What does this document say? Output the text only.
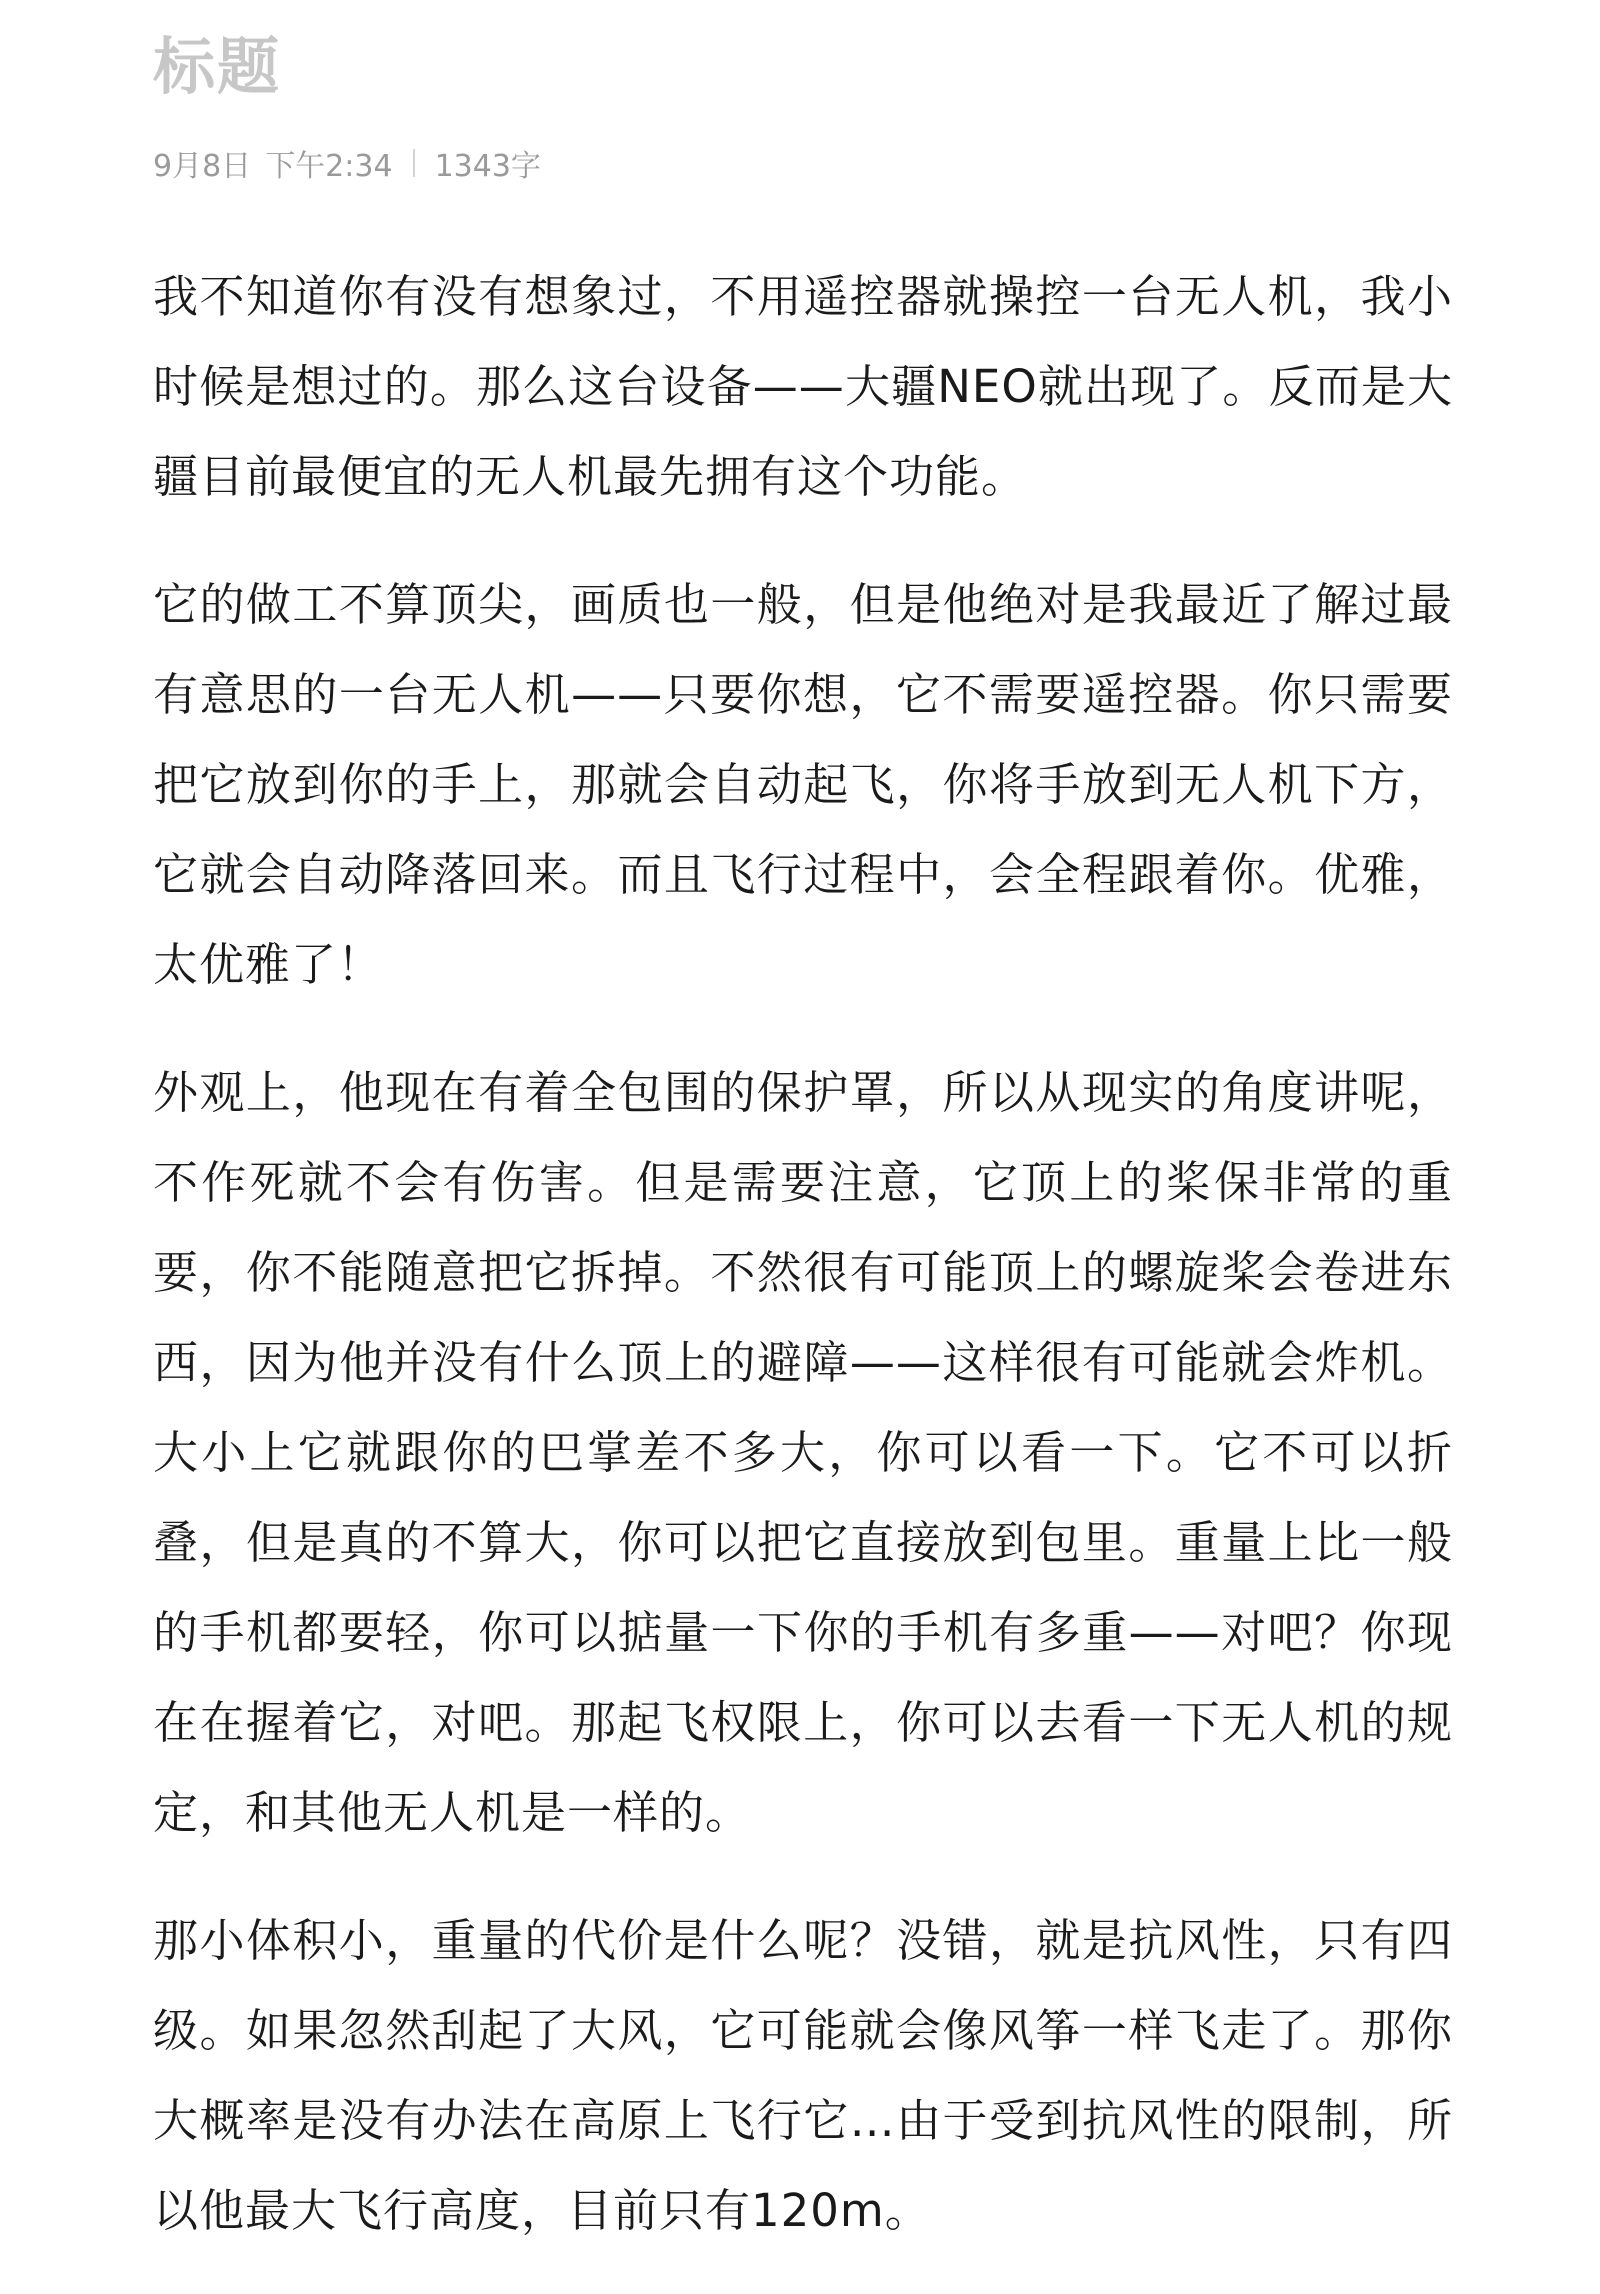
标题
9月8日 下午2:34 1343字

我不知道你有没有想象过，不用遥控器就操控一台无人机，我小时候是想过的。那么这台设备——大疆NEO就出现了。反而是大疆目前最便宜的无人机最先拥有这个功能。

它的做工不算顶尖，画质也一般，但是他绝对是我最近了解过最有意思的一台无人机——只要你想，它不需要遥控器。你只需要把它放到你的手上，那就会自动起飞，你将手放到无人机下方，它就会自动降落回来。而且飞行过程中，会全程跟着你。优雅，太优雅了！

外观上，他现在有着全包围的保护罩，所以从现实的角度讲呢，不作死就不会有伤害。但是需要注意，它顶上的桨保非常的重要，你不能随意把它拆掉。不然很有可能顶上的螺旋桨会卷进东西，因为他并没有什么顶上的避障——这样很有可能就会炸机。大小上它就跟你的巴掌差不多大，你可以看一下。它不可以折叠，但是真的不算大，你可以把它直接放到包里。重量上比一般的手机都要轻，你可以掂量一下你的手机有多重——对吧？你现在在握着它，对吧。那起飞权限上，你可以去看一下无人机的规定，和其他无人机是一样的。

那小体积小，重量的代价是什么呢？没错，就是抗风性，只有四级。如果忽然刮起了大风，它可能就会像风筝一样飞走了。那你大概率是没有办法在高原上飞行它…由于受到抗风性的限制，所以他最大飞行高度，目前只有120m。
